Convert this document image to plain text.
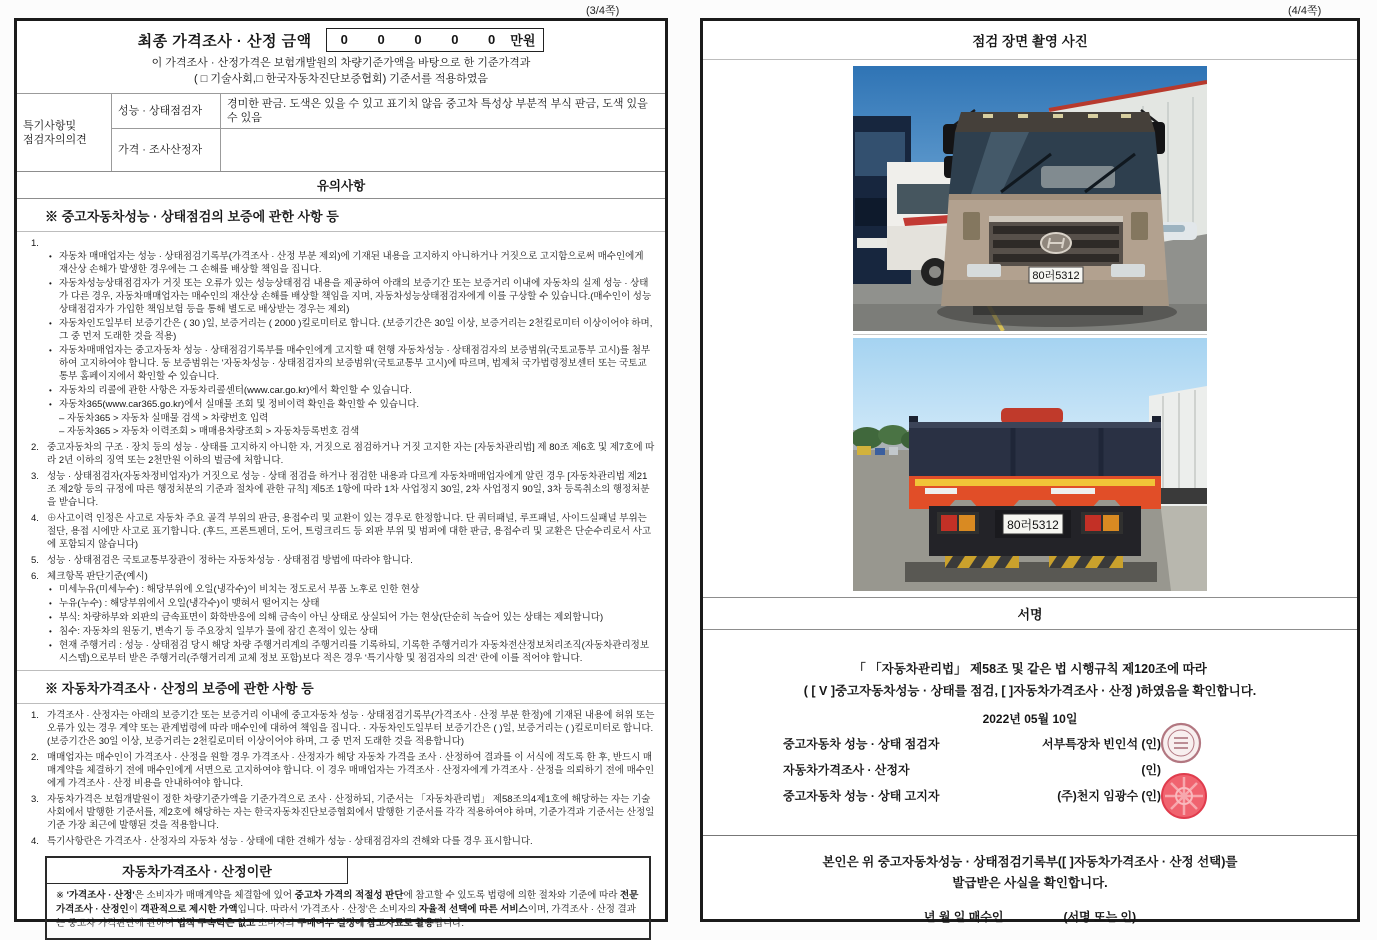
(3/4쪽)	(4/4쪽)
최종 가격조사 · 산정 금액 0 0 0 0 0 만원
이 가격조사 · 산정가격은 보험개발원의 차량기준가액을 바탕으로 한 기준가격과
( □ 기술사회,□ 한국자동차진단보증협회) 기준서를 적용하였음
특기사항및
점검자의의견	성능 · 상태점검자	경미한 판금. 도색은 있을 수 있고 표기치 않음 중고차 특성상 부분적 부식 판금, 도색 있을 수 있음
	가격 · 조사산정자	
유의사항
※ 중고자동차성능 · 상태점검의 보증에 관한 사항 등
1.
• 자동차 매매업자는 성능 · 상태점검기록부(가격조사 · 산정 부분 제외)에 기재된 내용을 고지하지 아니하거나 거짓으로 고지함으로써 매수인에게 재산상 손해가 발생한 경우에는 그 손해를 배상할 책임을 집니다.
• 자동차성능상태점검자가 거짓 또는 오류가 있는 성능상태점검 내용을 제공하여 아래의 보증기간 또는 보증거리 이내에 자동차의 실제 성능 · 상태가 다른 경우, 자동차매매업자는 매수인의 재산상 손해를 배상할 책임을 지며, 자동차성능상태점검자에게 이를 구상할 수 있습니다.(매수인이 성능상태점검자가 가입한 책임보험 등을 통해 별도로 배상받는 경우는 제외)
• 자동차인도일부터 보증기간은 ( 30 )일, 보증거리는 ( 2000 )킬로미터로 합니다. (보증기간은 30일 이상, 보증거리는 2천킬로미터 이상이어야 하며, 그 중 먼저 도래한 것을 적용)
• 자동차매매업자는 중고자동차 성능 · 상태점검기록부를 매수인에게 고지할 때 현행 자동차성능 · 상태점검자의 보증범위(국토교통부 고시)를 첨부하여 고지하여야 합니다. 동 보증범위는 '자동차성능 · 상태점검자의 보증범위'(국토교통부 고시)에 따르며, 법제처 국가법령정보센터 또는 국토교통부 홈페이지에서 확인할 수 있습니다.
• 자동차의 리콜에 관한 사항은 자동차리콜센터(www.car.go.kr)에서 확인할 수 있습니다.
• 자동차365(www.car365.go.kr)에서 실매물 조회 및 정비이력 확인을 확인할 수 있습니다.
– 자동차365 > 자동차 실매물 검색 > 차량번호 입력
– 자동차365 > 자동차 이력조회 > 매매용차량조회 > 자동차등록번호 검색
2. 중고자동차의 구조 · 장치 등의 성능 · 상태를 고지하지 아니한 자, 거짓으로 점검하거나 거짓 고지한 자는 [자동차관리법] 제 80조 제6호 및 제7호에 따라 2년 이하의 징역 또는 2천만원 이하의 벌금에 처합니다.
3. 성능 · 상태점검자(자동차정비업자)가 거짓으로 성능 · 상태 점검을 하거나 점검한 내용과 다르게 자동차매매업자에게 알린 경우 [자동차관리법 제21조 제2항 등의 규정에 따른 행정처분의 기준과 절차에 관한 규칙] 제5조 1항에 따라 1차 사업정지 30일, 2차 사업정지 90일, 3차 등록취소의 행정처분을 받습니다.
4. ⊕사고이력 인정은 사고로 자동차 주요 골격 부위의 판금, 용접수리 및 교환이 있는 경우로 한정합니다. 단 쿼터패널, 루프패널, 사이드실패널 부위는 절단, 용접 시에만 사고로 표기합니다. (후드, 프론트펜더, 도어, 트렁크리드 등 외판 부위 및 범퍼에 대한 판금, 용접수리 및 교환은 단순수리로서 사고에 포함되지 않습니다)
5. 성능 · 상태점검은 국토교통부장관이 정하는 자동차성능 · 상태점검 방법에 따라야 합니다.
6. 체크항목 판단기준(예시)
• 미세누유(미세누수) : 해당부위에 오일(냉각수)이 비치는 정도로서 부품 노후로 인한 현상
• 누유(누수) : 해당부위에서 오일(냉각수)이 맺혀서 떨어지는 상태
• 부식: 차량하부와 외판의 금속표면이 화학반응에 의해 금속이 아닌 상태로 상실되어 가는 현상(단순히 녹슬어 있는 상태는 제외합니다)
• 침수: 자동차의 원동기, 변속기 등 주요장치 일부가 물에 잠긴 흔적이 있는 상태
• 현재 주행거리 : 성능 · 상태점검 당시 해당 차량 주행거리계의 주행거리를 기록하되, 기록한 주행거리가 자동차전산정보처리조직(자동차관리정보시스템)으로부터 받은 주행거리(주행거리계 교체 정보 포함)보다 적은 경우 '특기사항 및 점검자의 의견' 란에 이를 적어야 합니다.
※ 자동차가격조사 · 산정의 보증에 관한 사항 등
1. 가격조사 · 산정자는 아래의 보증기간 또는 보증거리 이내에 중고자동차 성능 · 상태점검기록부(가격조사 · 산정 부분 한정)에 기재된 내용에 허위 또는 오류가 있는 경우 계약 또는 관계법령에 따라 매수인에 대하여 책임을 집니다. · 자동차인도일부터 보증기간은 ( )일, 보증거리는 ( )킬로미터로 합니다. (보증기간은 30일 이상, 보증거리는 2천킬로미터 이상이어야 하며, 그 중 먼저 도래한 것을 적용합니다)
2. 매매업자는 매수인이 가격조사 · 산정을 원할 경우 가격조사 · 산정자가 해당 자동차 가격을 조사 · 산정하여 결과를 이 서식에 적도록 한 후, 반드시 매매계약을 체결하기 전에 매수인에게 서면으로 고지하여야 합니다. 이 경우 매매업자는 가격조사 · 산정자에게 가격조사 · 산정을 의뢰하기 전에 매수인에게 가격조사 · 산정 비용을 안내하여야 합니다.
3. 자동차가격은 보험개발원이 정한 차량기준가액을 기준가격으로 조사 · 산정하되, 기준서는 「자동차관리법」 제58조의4제1호에 해당하는 자는 기술사회에서 발행한 기준서를, 제2호에 해당하는 자는 한국자동차진단보증협회에서 발행한 기준서를 각각 적용하여야 하며, 기준가격과 기준서는 산정일 기준 가장 최근에 발행된 것을 적용합니다.
4. 특기사항란은 가격조사 · 산정자의 자동차 성능 · 상태에 대한 견해가 성능 · 상태점검자의 견해와 다를 경우 표시합니다.
자동차가격조사 · 산정이란
※ '가격조사 · 산정'은 소비자가 매매계약을 체결함에 있어 중고차 가격의 적절성 판단에 참고할 수 있도록 법령에 의한 절차와 기준에 따라 전문 가격조사 · 산정인이 객관적으로 제시한 가액입니다. 따라서 '가격조사 · 산정'은 소비자의 자율적 선택에 따른 서비스이며, 가격조사 · 산정 결과는 중고차 가격판단에 관하여 법적 구속력은 없고 소비자의 구매여부 결정에 참고자료로 활용됩니다.
점검 장면 촬영 사진
80러5312
80러5312
서명
「 「자동차관리법」 제58조 및 같은 법 시행규칙 제120조에 따라
( [ V ]중고자동차성능 · 상태를 점검, [ ]자동차가격조사 · 산정 )하였음을 확인합니다.
2022년 05월 10일
중고자동차 성능 · 상태 점검자	서부특장차 빈인석 (인)
자동차가격조사 · 산정자	(인)
중고자동차 성능 · 상태 고지자	(주)천지 임광수 (인)
본인은 위 중고자동차성능 · 상태점검기록부([ ]자동차가격조사 · 산정 선택)를
발급받은 사실을 확인합니다.
년 월 일 매수인	(서명 또는 인)
